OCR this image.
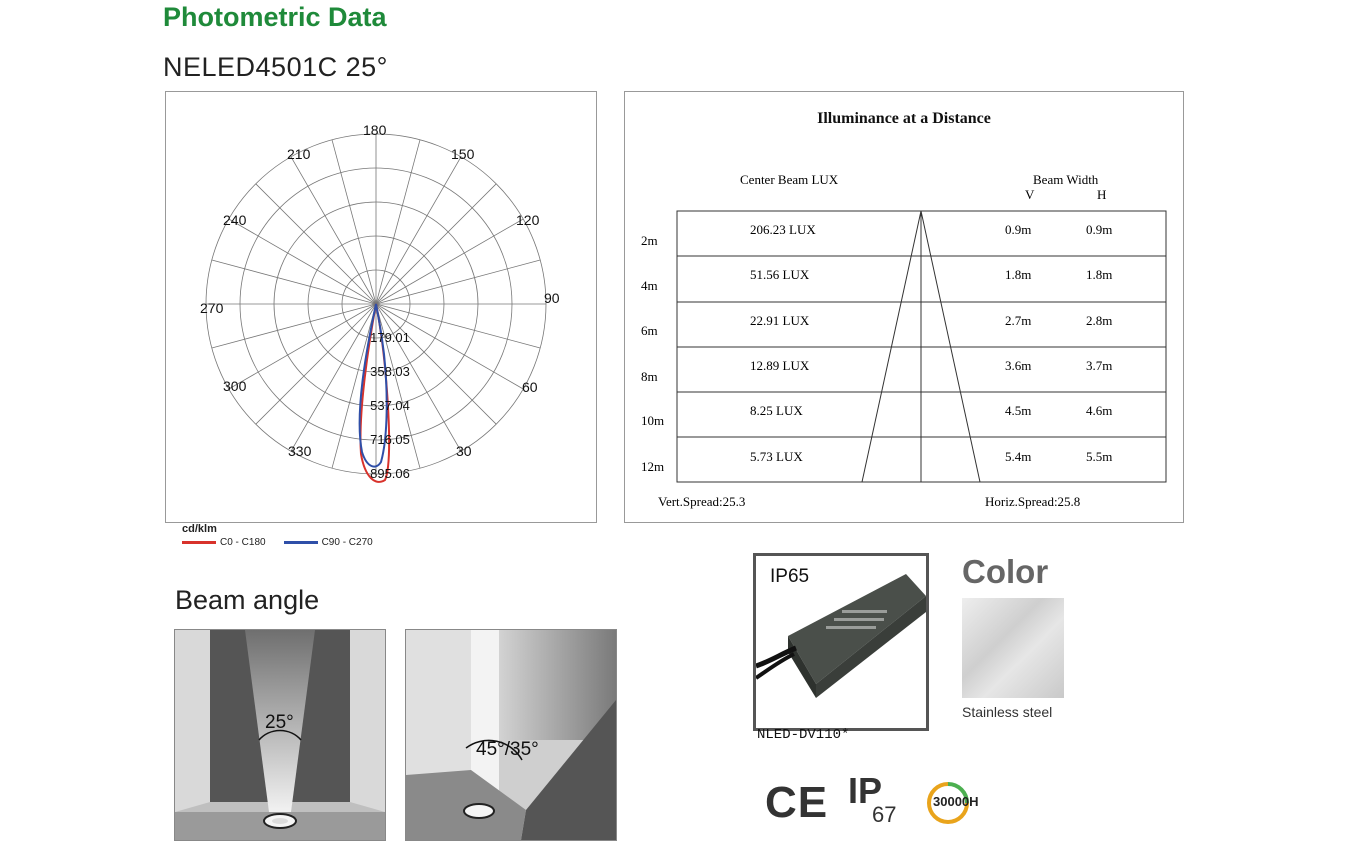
Photometric Data
NELED4501C 25°
180
210	150
240	120
270
90
300	60
330	30
179.01
358.03
537.04
716.05
895.06
cd/klm
C0 - C180	C90 - C270
Illuminance at a Distance
Center Beam LUX	Beam Width
V	H
2m
206.23 LUX	0.9m	0.9m
4m
51.56 LUX	1.8m	1.8m
6m
22.91 LUX	2.7m	2.8m
8m
12.89 LUX	3.6m	3.7m
10m
8.25 LUX	4.5m	4.6m
12m
5.73 LUX	5.4m	5.5m
Vert.Spread:25.3	Horiz.Spread:25.8
Beam angle
25°
45°/35°
IP65
NLED-DV110*
Color
Stainless steel
CE IP
67
30000H
